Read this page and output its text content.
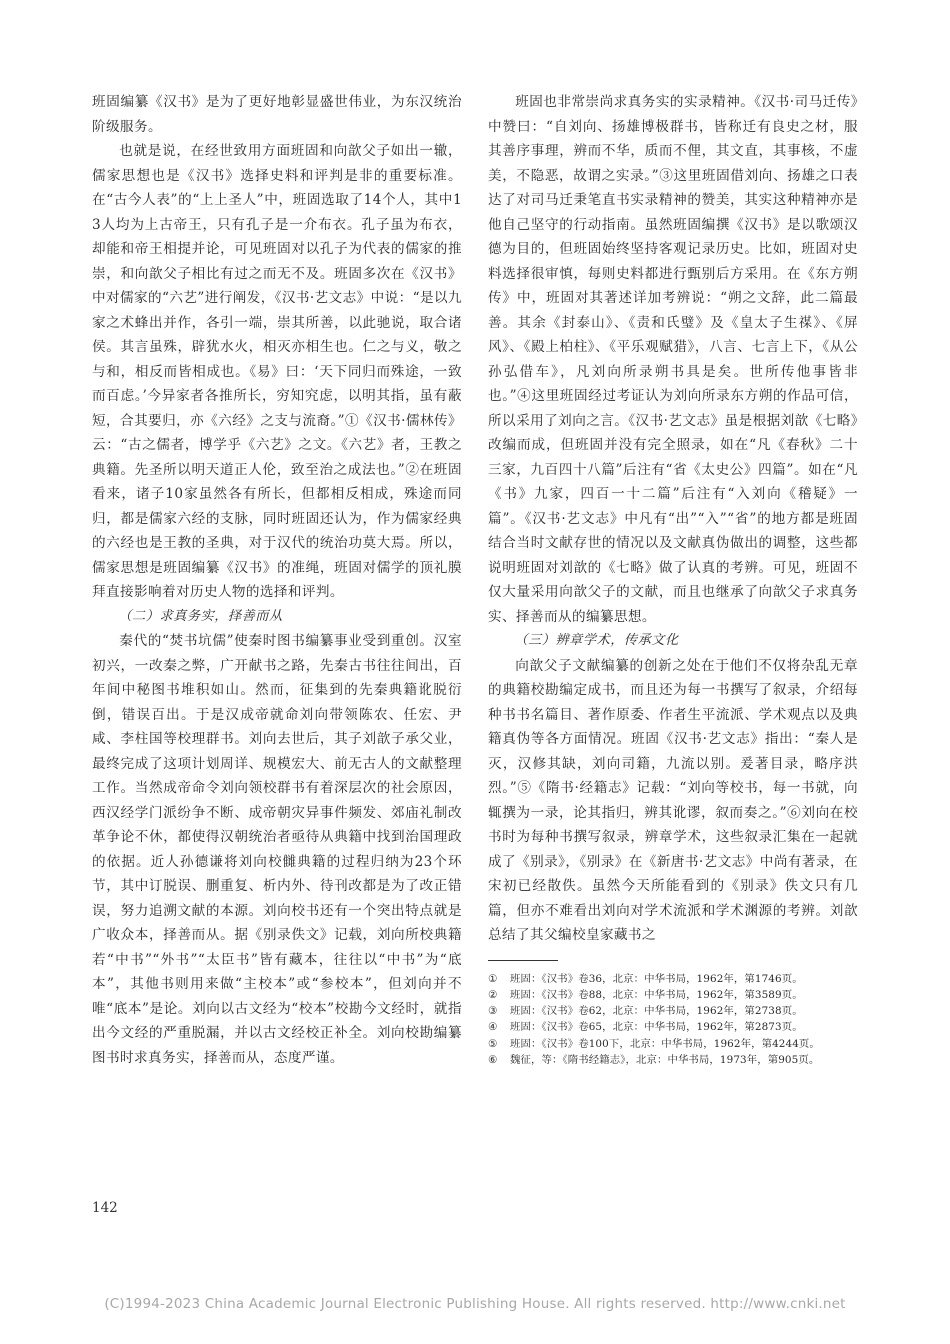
班固编纂《汉书》是为了更好地彰显盛世伟业，为东汉统治阶级服务。

也就是说，在经世致用方面班固和向歆父子如出一辙，儒家思想也是《汉书》选择史料和评判是非的重要标准。在“古今人表”的“上上圣人”中，班固选取了14个人，其中13人均为上古帝王，只有孔子是一介布衣。孔子虽为布衣，却能和帝王相提并论，可见班固对以孔子为代表的儒家的推崇，和向歆父子相比有过之而无不及。班固多次在《汉书》中对儒家的“六艺”进行阐发，《汉书·艺文志》中说：“是以九家之术蜂出并作，各引一端，崇其所善，以此驰说，取合诸侯。其言虽殊，辟犹水火，相灭亦相生也。仁之与义，敬之与和，相反而皆相成也。《易》曰：‘天下同归而殊途，一致而百虑。’今异家者各推所长，穷知究虑，以明其指，虽有蔽短，合其要归，亦《六经》之支与流裔。”①《汉书·儒林传》云：“古之儒者，博学乎《六艺》之文。《六艺》者，王教之典籍。先圣所以明天道正人伦，致至治之成法也。”②在班固看来，诸子10家虽然各有所长，但都相反相成，殊途而同归，都是儒家六经的支脉，同时班固还认为，作为儒家经典的六经也是王教的圣典，对于汉代的统治功莫大焉。所以，儒家思想是班固编纂《汉书》的准绳，班固对儒学的顶礼膜拜直接影响着对历史人物的选择和评判。

（二）求真务实，择善而从

秦代的“焚书坑儒”使秦时图书编纂事业受到重创。汉室初兴，一改秦之弊，广开献书之路，先秦古书往往间出，百年间中秘图书堆积如山。然而，征集到的先秦典籍讹脱衍倒，错误百出。于是汉成帝就命刘向带领陈农、任宏、尹咸、李柱国等校理群书。刘向去世后，其子刘歆子承父业，最终完成了这项计划周详、规模宏大、前无古人的文献整理工作。当然成帝命令刘向领校群书有着深层次的社会原因，西汉经学门派纷争不断、成帝朝灾异事件频发、郊庙礼制改革争论不休，都使得汉朝统治者亟待从典籍中找到治国理政的依据。近人孙德谦将刘向校雠典籍的过程归纳为23个环节，其中订脱误、删重复、析内外、待刊改都是为了改正错误，努力追溯文献的本源。刘向校书还有一个突出特点就是广收众本，择善而从。据《别录佚文》记载，刘向所校典籍若“中书”“外书”“太臣书”皆有藏本，往往以“中书”为“底本”，其他书则用来做“主校本”或“参校本”，但刘向并不唯“底本”是论。刘向以古文经为“校本”校勘今文经时，就指出今文经的严重脱漏，并以古文经校正补全。刘向校勘编纂图书时求真务实，择善而从，态度严谨。

班固也非常崇尚求真务实的实录精神。《汉书·司马迁传》中赞曰：“自刘向、扬雄博极群书，皆称迁有良史之材，服其善序事理，辨而不华，质而不俚，其文直，其事核，不虚美，不隐恶，故谓之实录。”③这里班固借刘向、扬雄之口表达了对司马迁秉笔直书实录精神的赞美，其实这种精神亦是他自己坚守的行动指南。虽然班固编撰《汉书》是以歌颂汉德为目的，但班固始终坚持客观记录历史。比如，班固对史料选择很审慎，每则史料都进行甄别后方采用。在《东方朔传》中，班固对其著述详加考辨说：“朔之文辞，此二篇最善。其余《封泰山》、《责和氏璧》及《皇太子生禖》、《屏风》、《殿上柏柱》、《平乐观赋猎》，八言、七言上下，《从公孙弘借车》，凡刘向所录朔书具是矣。世所传他事皆非也。”④这里班固经过考证认为刘向所录东方朔的作品可信，所以采用了刘向之言。《汉书·艺文志》虽是根据刘歆《七略》改编而成，但班固并没有完全照录，如在“凡《春秋》二十三家，九百四十八篇”后注有“省《太史公》四篇”。如在“凡《书》九家，四百一十二篇”后注有“入刘向《稽疑》一篇”。《汉书·艺文志》中凡有“出”“入”“省”的地方都是班固结合当时文献存世的情况以及文献真伪做出的调整，这些都说明班固对刘歆的《七略》做了认真的考辨。可见，班固不仅大量采用向歆父子的文献，而且也继承了向歆父子求真务实、择善而从的编纂思想。

（三）辨章学术，传承文化

向歆父子文献编纂的创新之处在于他们不仅将杂乱无章的典籍校勘编定成书，而且还为每一书撰写了叙录，介绍每种书书名篇目、著作原委、作者生平流派、学术观点以及典籍真伪等各方面情况。班固《汉书·艺文志》指出：“秦人是灭，汉修其缺，刘向司籍，九流以别。爰著目录，略序洪烈。”⑤《隋书·经籍志》记载：“刘向等校书，每一书就，向辄撰为一录，论其指归，辨其讹谬，叙而奏之。”⑥刘向在校书时为每种书撰写叙录，辨章学术，这些叙录汇集在一起就成了《别录》，《别录》在《新唐书·艺文志》中尚有著录，在宋初已经散佚。虽然今天所能看到的《别录》佚文只有几篇，但亦不难看出刘向对学术流派和学术渊源的考辨。刘歆总结了其父编校皇家藏书之

① 班固：《汉书》卷36，北京：中华书局，1962年，第1746页。
② 班固：《汉书》卷88，北京：中华书局，1962年，第3589页。
③ 班固：《汉书》卷62，北京：中华书局，1962年，第2738页。
④ 班固：《汉书》卷65，北京：中华书局，1962年，第2873页。
⑤ 班固：《汉书》卷100下，北京：中华书局，1962年，第4244页。
⑥ 魏征，等：《隋书经籍志》，北京：中华书局，1973年，第905页。
142
(C)1994-2023 China Academic Journal Electronic Publishing House. All rights reserved. http://www.cnki.net
